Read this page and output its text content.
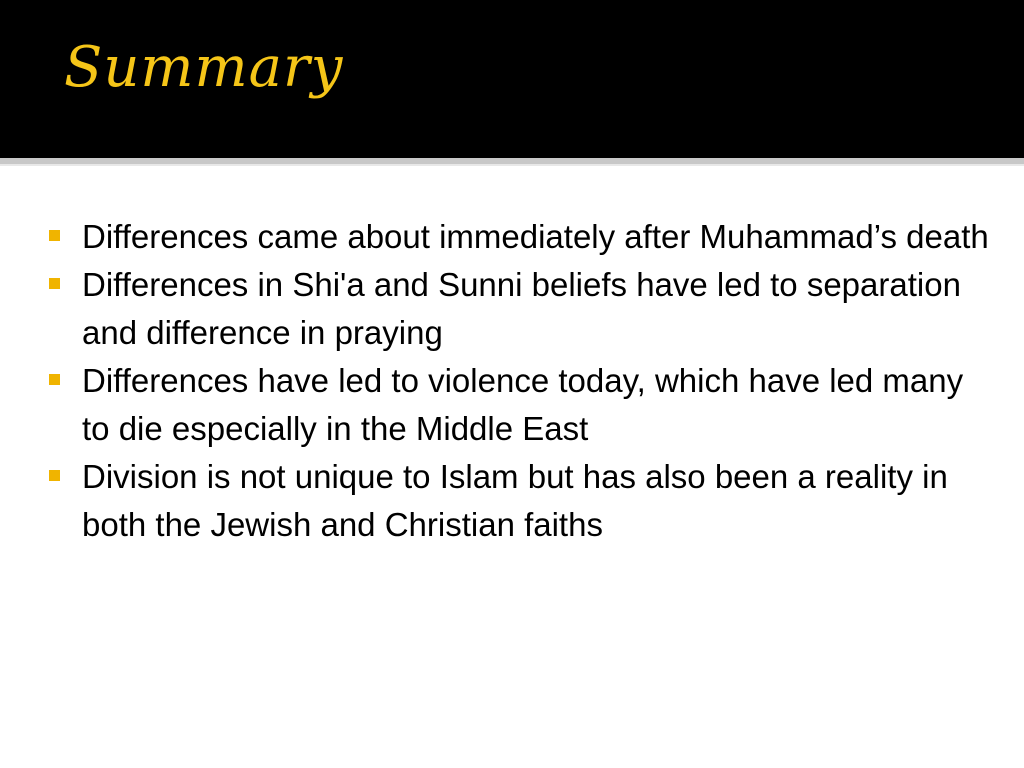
Summary
Differences came about immediately after Muhammad’s death
Differences in Shi'a and Sunni beliefs have led to separation and difference in praying
Differences have led to violence today, which have led many to die especially in the Middle East
Division is not unique to Islam but has also been a reality in both the Jewish and Christian faiths
